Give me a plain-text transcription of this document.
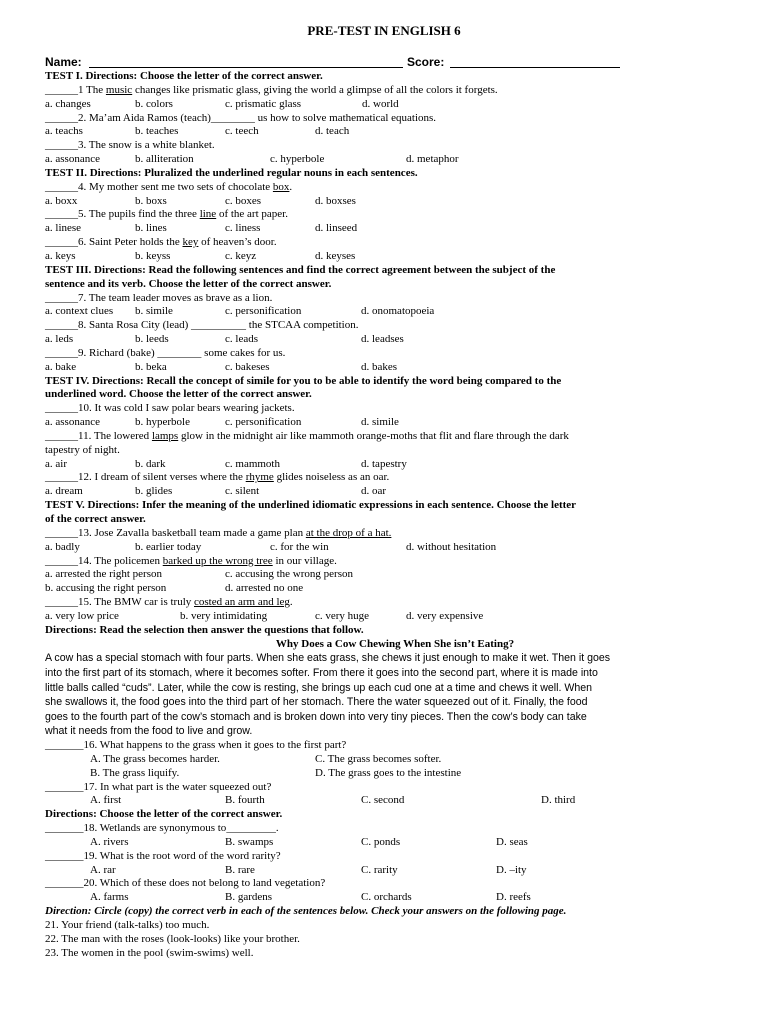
PRE-TEST IN ENGLISH 6
Name:	Score:
TEST I. Directions: Choose the letter of the correct answer.
______1 The music changes like prismatic glass, giving the world a glimpse of all the colors it forgets.
a. changes	b. colors	c. prismatic glass	d. world
______2. Ma’am Aida Ramos (teach)________ us how to solve mathematical equations.
a. teachs	b. teaches	c. teech	d. teach
______3. The snow is a white blanket.
a. assonance	b. alliteration	c. hyperbole	d. metaphor
TEST II. Directions: Pluralized the underlined regular nouns in each sentences.
______4. My mother sent me two sets of chocolate box.
a. boxx	b. boxs	c. boxes	d. boxses
______5. The pupils find the three line of the art paper.
a. linese	b. lines	c. liness	d. linseed
______6. Saint Peter holds the key of heaven’s door.
a. keys	b. keyss	c. keyz	d. keyses
TEST III. Directions: Read the following sentences and find the correct agreement between the subject of the
sentence and its verb. Choose the letter of the correct answer.
______7. The team leader moves as brave as a lion.
a. context clues b. simile	c. personification	d. onomatopoeia
______8. Santa Rosa City (lead) __________ the STCAA competition.
a. leds	b. leeds	c. leads	d. leadses
______9. Richard (bake) ________ some cakes for us.
a. bake	b. beka	c. bakeses	d. bakes
TEST IV. Directions: Recall the concept of simile for you to be able to identify the word being compared to the
underlined word. Choose the letter of the correct answer.
______10. It was cold I saw polar bears wearing jackets.
a. assonance	b. hyperbole	c. personification	d. simile
______11. The lowered lamps glow in the midnight air like mammoth orange-moths that flit and flare through the dark
tapestry of night.
a. air	b. dark	c. mammoth	d. tapestry
______12. I dream of silent verses where the rhyme glides noiseless as an oar.
a. dream	b. glides	c. silent	d. oar
TEST V. Directions: Infer the meaning of the underlined idiomatic expressions in each sentence. Choose the letter
of the correct answer.
______13. Jose Zavalla basketball team made a game plan at the drop of a hat.
a. badly	b. earlier today	c. for the win	d. without hesitation
______14. The policemen barked up the wrong tree in our village.
a. arrested the right person	c. accusing the wrong person
b. accusing the right person	d. arrested no one
______15. The BMW car is truly costed an arm and leg.
a. very low price	b. very intimidating	c. very huge	d. very expensive
Directions: Read the selection then answer the questions that follow.
Why Does a Cow Chewing When She isn’t Eating?
A cow has a special stomach with four parts. When she eats grass, she chews it just enough to make it wet. Then it goes
into the first part of its stomach, where it becomes softer. From there it goes into the second part, where it is made into
little balls called “cuds”. Later, while the cow is resting, she brings up each cud one at a time and chews it well. When
she swallows it, the food goes into the third part of her stomach. There the water squeezed out of it. Finally, the food
goes to the fourth part of the cow’s stomach and is broken down into very tiny pieces. Then the cow’s body can take
what it needs from the food to live and grow.
_______16. What happens to the grass when it goes to the first part?
A. The grass becomes harder.	C. The grass becomes softer.
B. The grass liquify.	D. The grass goes to the intestine
_______17. In what part is the water squeezed out?
A. first	B. fourth	C. second	D. third
Directions: Choose the letter of the correct answer.
_______18. Wetlands are synonymous to_________.
A. rivers	B. swamps	C. ponds	D. seas
_______19. What is the root word of the word rarity?
A. rar	B. rare	C. rarity	D. –ity
_______20. Which of these does not belong to land vegetation?
A. farms	B. gardens	C. orchards	D. reefs
Direction: Circle (copy) the correct verb in each of the sentences below. Check your answers on the following page.
21. Your friend (talk-talks) too much.
22. The man with the roses (look-looks) like your brother.
23. The women in the pool (swim-swims) well.
